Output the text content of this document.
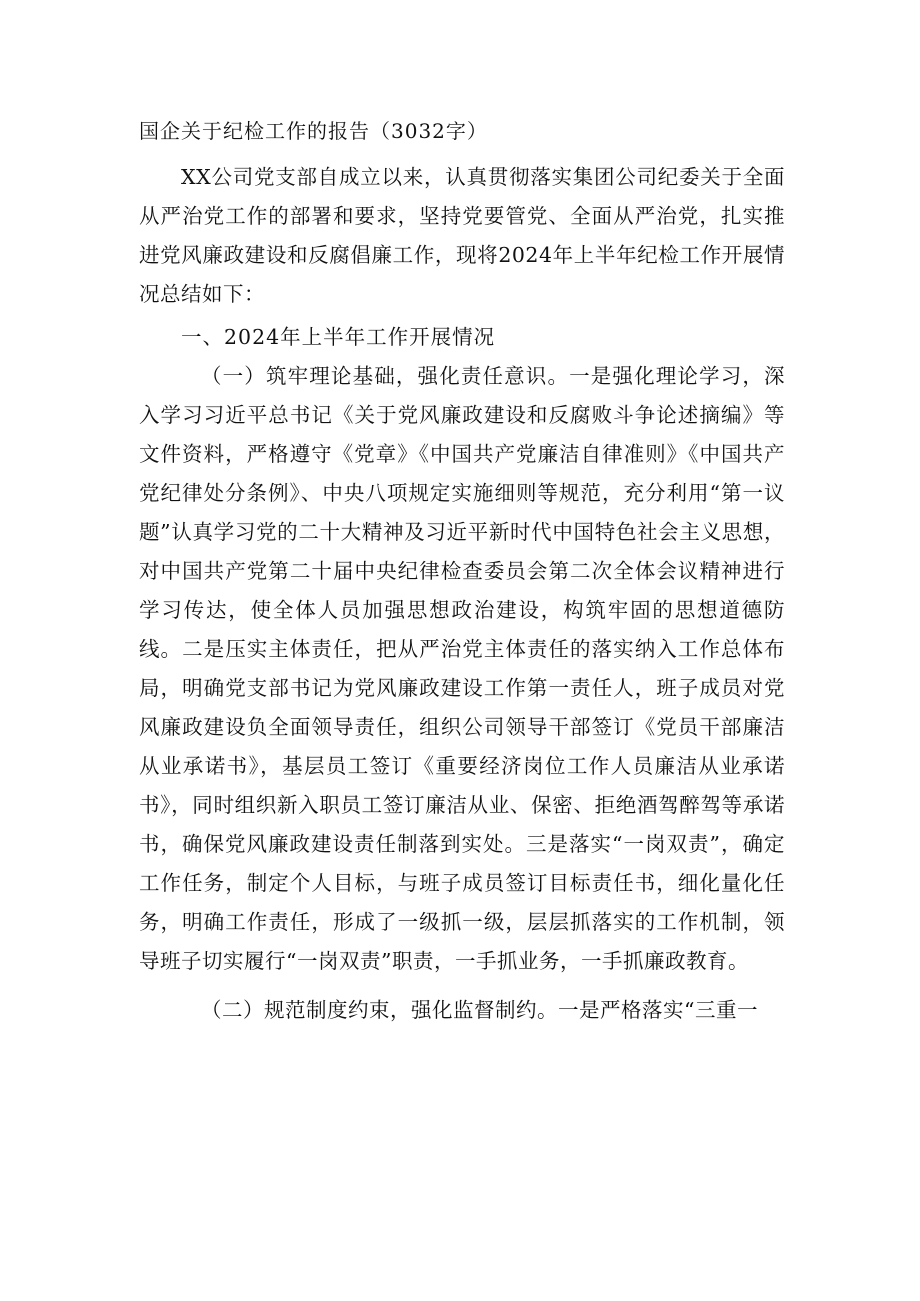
国企关于纪检工作的报告（3032字）

XX公司党支部自成立以来，认真贯彻落实集团公司纪委关于全面从严治党工作的部署和要求，坚持党要管党、全面从严治党，扎实推进党风廉政建设和反腐倡廉工作，现将2024年上半年纪检工作开展情况总结如下：

一、2024年上半年工作开展情况

（一）筑牢理论基础，强化责任意识。一是强化理论学习，深入学习习近平总书记《关于党风廉政建设和反腐败斗争论述摘编》等文件资料，严格遵守《党章》《中国共产党廉洁自律准则》《中国共产党纪律处分条例》、中央八项规定实施细则等规范，充分利用“第一议题”认真学习党的二十大精神及习近平新时代中国特色社会主义思想，对中国共产党第二十届中央纪律检查委员会第二次全体会议精神进行学习传达，使全体人员加强思想政治建设，构筑牢固的思想道德防线。二是压实主体责任，把从严治党主体责任的落实纳入工作总体布局，明确党支部书记为党风廉政建设工作第一责任人，班子成员对党风廉政建设负全面领导责任，组织公司领导干部签订《党员干部廉洁从业承诺书》，基层员工签订《重要经济岗位工作人员廉洁从业承诺书》，同时组织新入职员工签订廉洁从业、保密、拒绝酒驾醉驾等承诺书，确保党风廉政建设责任制落到实处。三是落实“一岗双责”，确定工作任务，制定个人目标，与班子成员签订目标责任书，细化量化任务，明确工作责任，形成了一级抓一级，层层抓落实的工作机制，领导班子切实履行“一岗双责”职责，一手抓业务，一手抓廉政教育。

（二）规范制度约束，强化监督制约。一是严格落实“三重一
